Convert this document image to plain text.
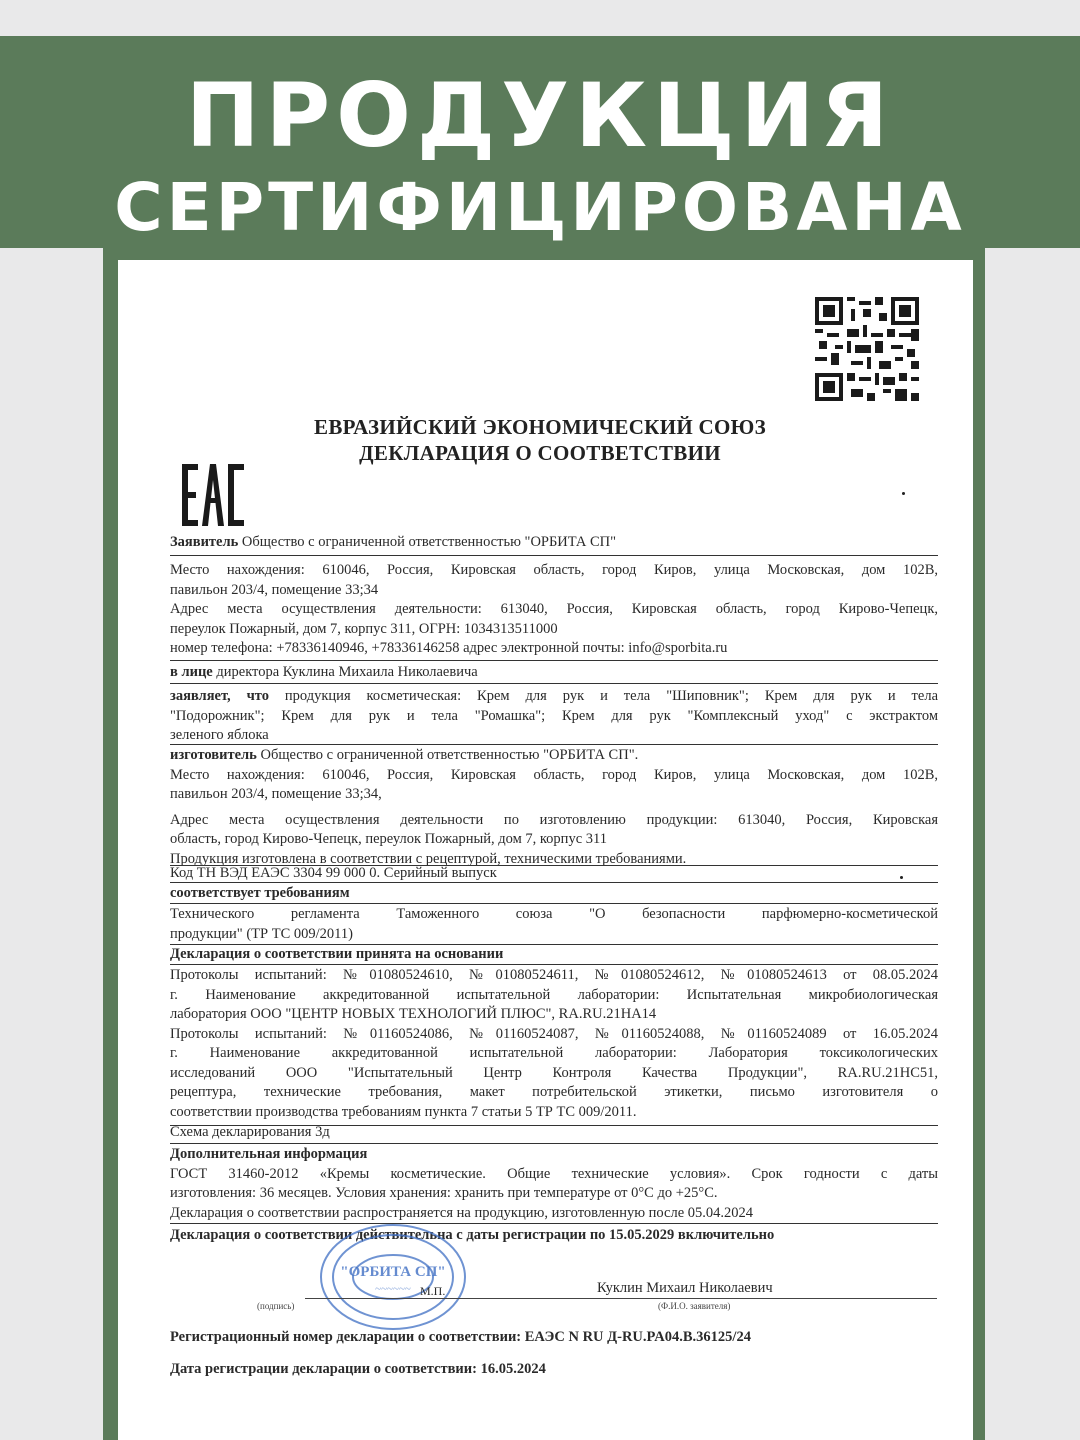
ПРОДУКЦИЯ
СЕРТИФИЦИРОВАНА
ЕВРАЗИЙСКИЙ ЭКОНОМИЧЕСКИЙ СОЮЗ
ДЕКЛАРАЦИЯ О СООТВЕТСТВИИ

Заявитель Общество с ограниченной ответственностью "ОРБИТА СП"

Место нахождения: 610046, Россия, Кировская область, город Киров, улица Московская, дом 102В,

павильон 203/4, помещение 33;34

Адрес места осуществления деятельности: 613040, Россия, Кировская область, город Кирово-Чепецк,

переулок Пожарный, дом 7, корпус 311, ОГРН: 1034313511000

номер телефона: +78336140946, +78336146258 адрес электронной почты: info@sporbita.ru

в лице директора Куклина Михаила Николаевича

заявляет, что продукция косметическая: Крем для рук и тела "Шиповник"; Крем для рук и тела

"Подорожник"; Крем для рук и тела "Ромашка"; Крем для рук "Комплексный уход" с экстрактом

зеленого яблока

изготовитель Общество с ограниченной ответственностью "ОРБИТА СП".

Место нахождения: 610046, Россия, Кировская область, город Киров, улица Московская, дом 102В,

павильон 203/4, помещение 33;34,

Адрес места осуществления деятельности по изготовлению продукции: 613040, Россия, Кировская

область, город Кирово-Чепецк, переулок Пожарный, дом 7, корпус 311

Продукция изготовлена в соответствии с рецептурой, техническими требованиями.

Код ТН ВЭД ЕАЭС 3304 99 000 0. Серийный выпуск

соответствует требованиям

Технического регламента Таможенного союза "О безопасности парфюмерно-косметической

продукции" (ТР ТС 009/2011)

Декларация о соответствии принята на основании

Протоколы испытаний: №01080524610, №01080524611, №01080524612, №01080524613 от 08.05.2024

г. Наименование аккредитованной испытательной лаборатории: Испытательная микробиологическая

лаборатория ООО "ЦЕНТР НОВЫХ ТЕХНОЛОГИЙ ПЛЮС", RA.RU.21НА14

Протоколы испытаний: №01160524086, №01160524087, №01160524088, №01160524089 от 16.05.2024

г. Наименование аккредитованной испытательной лаборатории: Лаборатория токсикологических

исследований ООО "Испытательный Центр Контроля Качества Продукции", RA.RU.21НС51,

рецептура, технические требования, макет потребительской этикетки, письмо изготовителя о

соответствии производства требованиям пункта 7 статьи 5 ТР ТС 009/2011.

Схема декларирования 3д

Дополнительная информация

ГОСТ 31460-2012 «Кремы косметические. Общие технические условия». Срок годности с даты

изготовления: 36 месяцев. Условия хранения: хранить при температуре от 0°С до +25°С.

Декларация о соответствии распространяется на продукцию, изготовленную после 05.04.2024

Декларация о соответствии действительна с даты регистрации по 15.05.2029 включительно

"ОРБИТА СП"
~~~~~~ М.П.	Куклин Михаил Николаевич
(подпись)	(Ф.И.О. заявителя)

Регистрационный номер декларации о соответствии: ЕАЭС N RU Д-RU.PA04.B.36125/24

Дата регистрации декларации о соответствии: 16.05.2024
